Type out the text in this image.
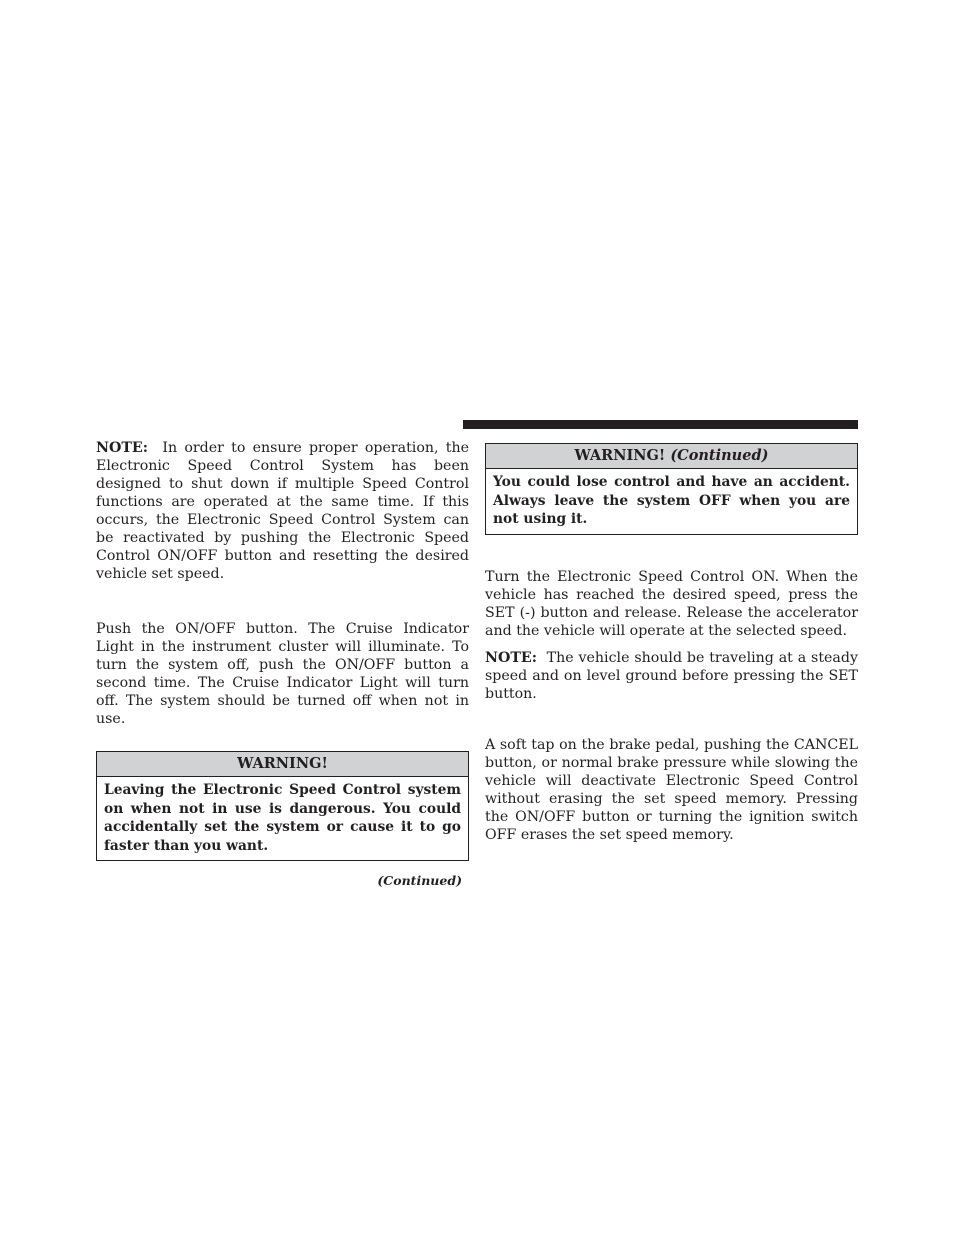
NOTE: In order to ensure proper operation, the Electronic Speed Control System has been designed to shut down if multiple Speed Control functions are operated at the same time. If this occurs, the Electronic Speed Control System can be reactivated by pushing the Electronic Speed Control ON/OFF button and resetting the desired vehicle set speed.

Push the ON/OFF button. The Cruise Indicator Light in the instrument cluster will illuminate. To turn the system off, push the ON/OFF button a second time. The Cruise Indicator Light will turn off. The system should be turned off when not in use.

WARNING!
Leaving the Electronic Speed Control system on when not in use is dangerous. You could accidentally set the system or cause it to go faster than you want.
(Continued)
WARNING! (Continued)
You could lose control and have an accident. Always leave the system OFF when you are not using it.

Turn the Electronic Speed Control ON. When the vehicle has reached the desired speed, press the SET (-) button and release. Release the accelerator and the vehicle will operate at the selected speed.

NOTE: The vehicle should be traveling at a steady speed and on level ground before pressing the SET button.

A soft tap on the brake pedal, pushing the CANCEL button, or normal brake pressure while slowing the vehicle will deactivate Electronic Speed Control without erasing the set speed memory. Pressing the ON/OFF button or turning the ignition switch OFF erases the set speed memory.
